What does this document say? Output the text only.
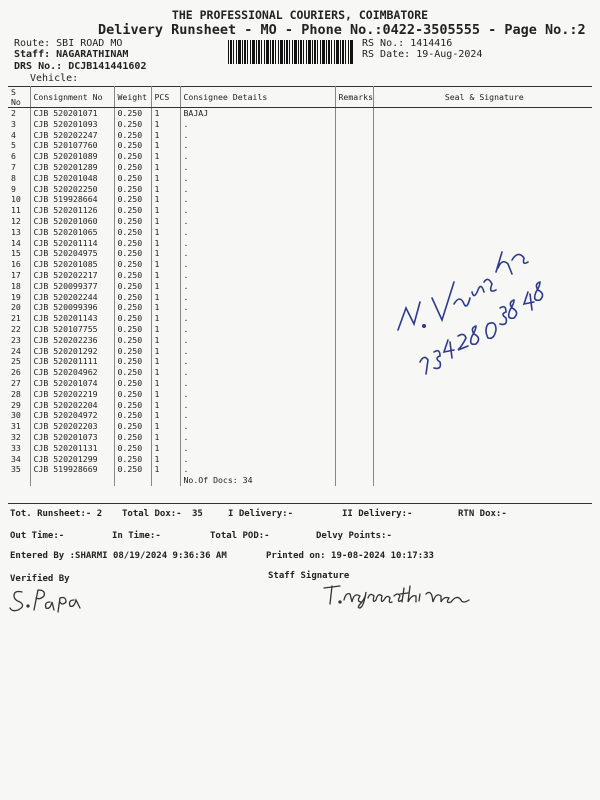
THE PROFESSIONAL COURIERS, COIMBATORE
Delivery Runsheet - MO - Phone No.:0422-3505555 - Page No.:2
Route: SBI ROAD MO
Staff: NAGARATHINAM
DRS No.: DCJB141441602
Vehicle:
RS No.: 1414416
RS Date: 19-Aug-2024
S No	Consignment No	Weight	PCS	Consignee Details	Remarks	Seal & Signature
2	CJB 520201071	0.250	1	BAJAJ		
3	CJB 520201093	0.250	1	.		
4	CJB 520202247	0.250	1	.		
5	CJB 520107760	0.250	1	.		
6	CJB 520201089	0.250	1	.		
7	CJB 520201289	0.250	1	.		
8	CJB 520201048	0.250	1	.		
9	CJB 520202250	0.250	1	.		
10	CJB 519928664	0.250	1	.		
11	CJB 520201126	0.250	1	.		
12	CJB 520201060	0.250	1	.		
13	CJB 520201065	0.250	1	.		
14	CJB 520201114	0.250	1	.		
15	CJB 520204975	0.250	1	.		
16	CJB 520201085	0.250	1	.		
17	CJB 520202217	0.250	1	.		
18	CJB 520099377	0.250	1	.		
19	CJB 520202244	0.250	1	.		
20	CJB 520099396	0.250	1	.		
21	CJB 520201143	0.250	1	.		
22	CJB 520107755	0.250	1	.		
23	CJB 520202236	0.250	1	.		
24	CJB 520201292	0.250	1	.		
25	CJB 520201111	0.250	1	.		
26	CJB 520204962	0.250	1	.		
27	CJB 520201074	0.250	1	.		
28	CJB 520202219	0.250	1	.		
29	CJB 520202204	0.250	1	.		
30	CJB 520204972	0.250	1	.		
31	CJB 520202203	0.250	1	.		
32	CJB 520201073	0.250	1	.		
33	CJB 520201131	0.250	1	.		
34	CJB 520201299	0.250	1	.		
35	CJB 519928669	0.250	1	.		
				No.Of Docs: 34		
Tot. Runsheet:- 2 Total Dox:- 35	I Delivery:-	II Delivery:-	RTN Dox:-
Out Time:-	In Time:-	Total POD:-	Delvy Points:-
Entered By :SHARMI 08/19/2024 9:36:36 AM	Printed on: 19-08-2024 10:17:33
Verified By	Staff Signature
